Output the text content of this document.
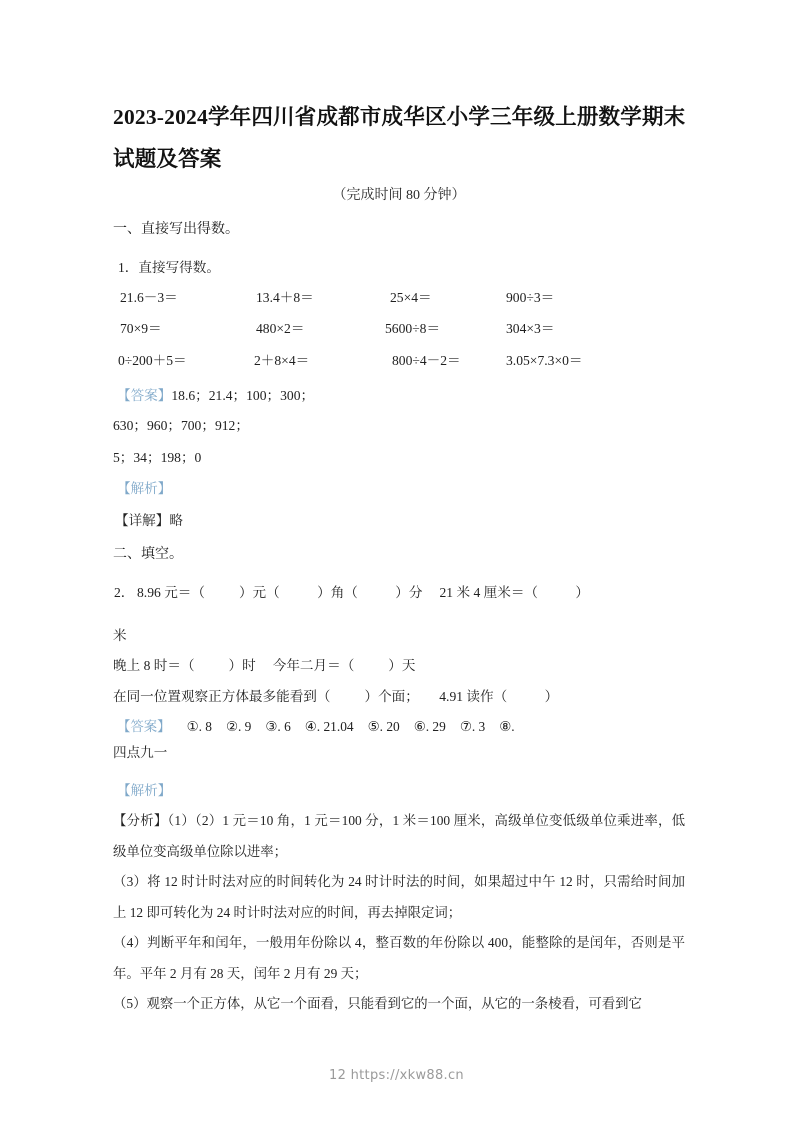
2023-2024学年四川省成都市成华区小学三年级上册数学期末试题及答案
（完成时间 80 分钟）
一、直接写出得数。
1．直接写得数。
21.6－3＝	13.4＋8＝	25×4＝	900÷3＝
70×9＝	480×2＝	5600÷8＝	304×3＝
0÷200＋5＝	2＋8×4＝	800÷4－2＝	3.05×7.3×0＝
【答案】18.6；21.4；100；300；
630；960；700；912；
5；34；198；0
【解析】
【详解】略
二、填空。
2． 8.96 元＝（          ）元（           ）角（           ）分     21 米 4 厘米＝（           ）
米
晚上 8 时＝（          ）时     今年二月＝（          ）天
在同一位置观察正方体最多能看到（          ）个面；      4.91 读作（           ）
【答案】 ①. 8 ②. 9 ③. 6 ④. 21.04 ⑤. 20 ⑥. 29 ⑦. 3 ⑧.
四点九一
【解析】
【分析】（1）（2）1 元＝10 角，1 元＝100 分，1 米＝100 厘米，高级单位变低级单位乘进率，低级单位变高级单位除以进率；
（3）将 12 时计时法对应的时间转化为 24 时计时法的时间，如果超过中午 12 时，只需给时间加上 12 即可转化为 24 时计时法对应的时间，再去掉限定词；
（4）判断平年和闰年，一般用年份除以 4，整百数的年份除以 400，能整除的是闰年，否则是平年。平年 2 月有 28 天，闰年 2 月有 29 天；
（5）观察一个正方体，从它一个面看，只能看到它的一个面，从它的一条棱看，可看到它
12 https://xkw88.cn
